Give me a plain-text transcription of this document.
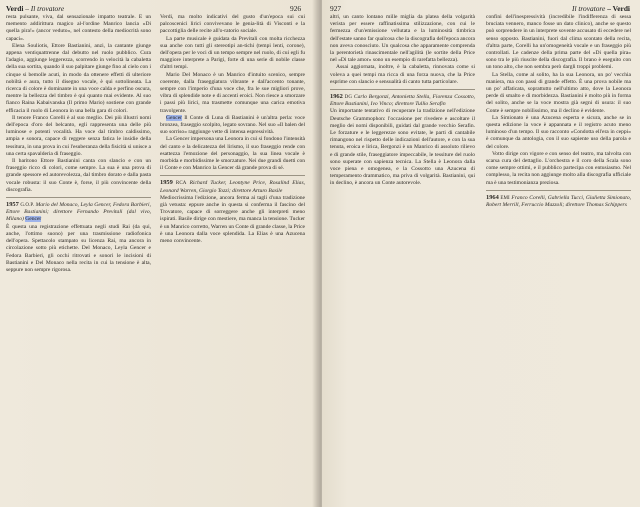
Verdi – Il trovatore	926

resta pulsante, viva, dal sensazionale impatto teatrale. E un memento addirittura magico al-l'ordine Manrico lancia «Di quella pira!» (ancor veduto», nel contesto della mediocrità sono capaci».

Elena Souliotis, Ettore Bastianini, anzi, la cantante giunge appena ventiquattrenne dal debutto nel ruolo pubblico. Cura l'adagio, aggiunge leggerezza, scorrendo in velocità la cabaletta della sua sortita, quando il suo palpitare giunge fino al cielo con i cinque si bemolle acuti, in modo da ottenere effetti di ulteriore nobiltà e aura, tutto il disegno vocale, è qui sottolineata. La ricerca di colore è dominante in una voce calda e perfino oscura, mentre la bellezza del timbro è qui quanto mai evidente. Al suo fianco Raina Kabaivanska (Il primo Mario) sostiene con grande efficacia il ruolo di Leonora in una bella gara di colori.

Il tenore Franco Corelli è al suo meglio. Dei più illustri nomi dell'epoca d'oro del belcanto, egli rappresenta una delle più luminose e potenti vocalità. Ha voce dal timbro caldissimo, ampia e sonora, capace di reggere senza fatica le insidie della tessitura, in una prova in cui l'esuberanza della fisicità si unisce a una certa spavalderia di fraseggio.

Il baritono Ettore Bastianini canta con slancio e con un fraseggio ricco di colori, come sempre. La sua è una prova di grande spessore ed autorevolezza, dal timbro dorato e dalla pasta vocale robusta: il suo Conte è, forse, il più convincente della discografia.

1957 G.O.P. Mario del Monaco, Leyla Gencer, Fedora Barbieri, Ettore Bastianini; direttore Fernando Previtali (dal vivo, Milano) Gencer

È questa una registrazione effettuata negli studi Rai (da qui, anche, l'ottimo suono) per una trasmissione radiofonica dell'opera. Spettacolo stampato su licenza Rai, ma ancora in circolazione sotto più etichette. Del Monaco, Leyla Gencer e Fedora Barbieri, gli occhi ritrovati e sonori le incisioni di Bastianini e Del Monaco nella recita in cui la tensione è alta, seppure non sempre rigorosa.

Verdi, ma molto indicativi del gusto d'un'epoca sui cui palcoscenici lirici convivevano le genia-lità di Visconti e la paccottiglia delle recite all'o-ratorio sociale.

La parte musicale è guidata da Previtali con molta ricchezza sua anche con tutti gli stereotipi an-tichi (tempi lenti, corone), dell'opera per le voci di un tempo sempre nel ruolo, di cui egli fu maggiore interprete a Parigi, forte di una serie di nobile classe d'altri tempi.

Mario Del Monaco è un Manrico d'intuito scenico, sempre coerente, dalla fraseggiatura vibrante e dall'accento tonante, sempre con l'imperio d'una voce che, fra le sue migliori prove, vibra di splendide note e di accenti eroici. Non riesce a smorzare i passi più lirici, ma trasmette comunque una carica emotiva travolgente.

Gencer Il Conte di Luna di Bastianini è un'altra perla: voce bronzea, fraseggio scolpito, legato sovrano. Nel suo «Il balen del suo sorriso» raggiunge vette di intensa espressività.

La Gencer impersona una Leonora in cui si fondono l'intensità del canto e la delicatezza del lirismo, il suo fraseggio rende con esattezza l'emozione del personaggio, la sua linea vocale è morbida e morbidissime le smorzature. Nei due grandi duetti con il Conte e con Manrico la Gencer dà grande prova di sé.

1959 RCA Richard Tucker, Leontyne Price, Rosalind Elias, Leonard Warren, Giorgio Tozzi; direttore Arturo Basile

Mediocrissima l'edizione, ancora ferma ai tagli d'una tradizione già vetusta: eppure anche in questa si conferma il fascino del Trovatore, capace di sorreggere anche gli interpreti meno ispirati. Basile dirige con mestiere, ma manca la tensione. Tucker è un Manrico corretto, Warren un Conte di grande classe, la Price è una Leonora dalla voce splendida. La Elias è una Azucena meno convincente.

927	Il trovatore – Verdi

altri, un canto lontano mille miglia da platea della volgarità verista per essere raffinatissima stilizzazione, con cui le fermezza d'un'emissione vellutata e la luminosità timbrica dell'estate sanno far qualcosa che la discografia dell'epoca ancora non aveva conosciuto. Un qualcosa che apparamente comprenda la perentorietà rinascimentale nell'agilità (le sortite della Price nel «Di tale amor» sono un esempio di rarefatta bellezza).

Assai aggiornata, inoltre, è la cabaletta, rinnovata come si voleva a quei tempi ma ricca di una forza nuova, che la Price esprime con slancio e sensualità di canto tutta particolare.

1962 DG Carlo Bergonzi, Antonietta Stella, Fiorenza Cossotto, Ettore Bastianini, Ivo Vinco; direttore Tullio Serafin

Un importante tentativo di recuperare la tradizione nell'edizione Deutsche Grammophon: l'occasione per rivedere e ascoltare il meglio dei nomi disponibili, guidati dal grande vecchio Serafin. Le forzature e le leggerezze sono evitate, le parti di cantabile rimangono nel rispetto delle indicazioni dell'autore, e con la sua tenuta, eroica e lirica, Bergonzi è un Manrico di assoluto rilievo e di grande stile, fraseggiatore impeccabile, le tessiture del ruolo sono superate con sapienza tecnica. La Stella è Leonora dalla voce piena e omogenea, e la Cossotto una Azucena di temperamento drammatico, ma priva di volgarità. Bastianini, qui in declino, è ancora un Conte autorevole.

confini dell'inespressività (incredibile l'indifferenza di sessa bruciata vennero, manco fosse un dato clinico), anche se questo può sorprendere in un interprete sovente accusato di eccedere nel senso opposto. Bastianini, fuori dal clima scontato della recita, d'altra parte, Corelli ha un'omogeneità vocale e un fraseggio più controllati. Le cadenze della prima parte del «Di quella pira» sono tra le più riuscite della discografia. Il brano è eseguito con un tono alto, che non sembra però dargli troppi problemi.

La Stella, come al solito, ha la sua Leonora, un po' vecchia maniera, ma con passi di grande effetto. È una prova nobile ma un po' affaticata, soprattutto nell'ultimo atto, dove la Leonora perde di smalto e di morbidezza. Bastianini è molto più in forma del solito, anche se la voce mostra già segni di usura: il suo Conte è sempre nobilissimo, ma il declino è evidente.

La Simionato è una Azucena esperta e sicura, anche se in questa edizione la voce è appannata e il registro acuto meno luminoso d'un tempo. Il suo racconto «Condotta ell'era in ceppi» è comunque da antologia, con il suo sapiente uso della parola e del colore.

Votto dirige con vigore e con senso del teatro, ma talvolta con scarsa cura del dettaglio. L'orchestra e il coro della Scala sono come sempre ottimi, e il pubblico partecipa con entusiasmo. Nel complesso, la recita non aggiunge molto alla discografia ufficiale ma è una testimonianza preziosa.

1964 EMI Franco Corelli, Gabriella Tucci, Giulietta Simionato, Robert Merrill, Ferruccio Mazzoli; direttore Thomas Schippers
